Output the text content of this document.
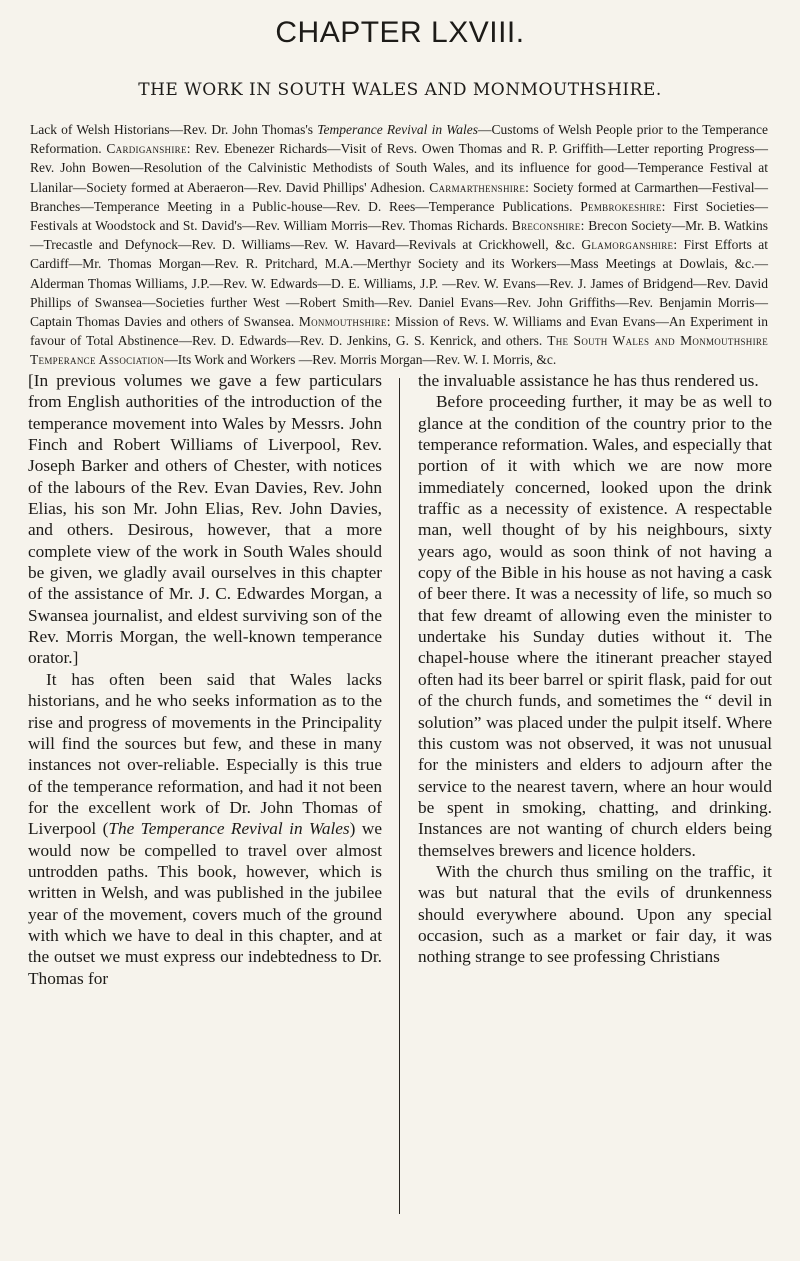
CHAPTER LXVIII.
THE WORK IN SOUTH WALES AND MONMOUTHSHIRE.
Lack of Welsh Historians—Rev. Dr. John Thomas's Temperance Revival in Wales—Customs of Welsh People prior to the Temperance Reformation. Cardiganshire: Rev. Ebenezer Richards—Visit of Revs. Owen Thomas and R. P. Griffith—Letter reporting Progress—Rev. John Bowen—Resolution of the Calvinistic Methodists of South Wales, and its influence for good—Temperance Festival at Llanilar—Society formed at Aberaeron—Rev. David Phillips' Adhesion. Carmarthenshire: Society formed at Carmarthen—Festival—Branches—Temperance Meeting in a Public-house—Rev. D. Rees—Temperance Publications. Pembrokeshire: First Societies—Festivals at Woodstock and St. David's—Rev. William Morris—Rev. Thomas Richards. Breconshire: Brecon Society—Mr. B. Watkins—Trecastle and Defynock—Rev. D. Williams—Rev. W. Havard—Revivals at Crickhowell, &c. Glamorganshire: First Efforts at Cardiff—Mr. Thomas Morgan—Rev. R. Pritchard, M.A.—Merthyr Society and its Workers—Mass Meetings at Dowlais, &c.—Alderman Thomas Williams, J.P.—Rev. W. Edwards—D. E. Williams, J.P. —Rev. W. Evans—Rev. J. James of Bridgend—Rev. David Phillips of Swansea—Societies further West —Robert Smith—Rev. Daniel Evans—Rev. John Griffiths—Rev. Benjamin Morris—Captain Thomas Davies and others of Swansea. Monmouthshire: Mission of Revs. W. Williams and Evan Evans—An Experiment in favour of Total Abstinence—Rev. D. Edwards—Rev. D. Jenkins, G. S. Kenrick, and others. The South Wales and Monmouthshire Temperance Association—Its Work and Workers —Rev. Morris Morgan—Rev. W. I. Morris, &c.

[In previous volumes we gave a few particulars from English authorities of the introduction of the temperance movement into Wales by Messrs. John Finch and Robert Williams of Liverpool, Rev. Joseph Barker and others of Chester, with notices of the labours of the Rev. Evan Davies, Rev. John Elias, his son Mr. John Elias, Rev. John Davies, and others. Desirous, however, that a more complete view of the work in South Wales should be given, we gladly avail ourselves in this chapter of the assistance of Mr. J. C. Edwardes Morgan, a Swansea journalist, and eldest surviving son of the Rev. Morris Morgan, the well-known temperance orator.]

It has often been said that Wales lacks historians, and he who seeks information as to the rise and progress of movements in the Principality will find the sources but few, and these in many instances not over-reliable. Especially is this true of the temperance reformation, and had it not been for the excellent work of Dr. John Thomas of Liverpool (The Temperance Revival in Wales) we would now be compelled to travel over almost untrodden paths. This book, however, which is written in Welsh, and was published in the jubilee year of the movement, covers much of the ground with which we have to deal in this chapter, and at the outset we must express our indebtedness to Dr. Thomas for

the invaluable assistance he has thus rendered us.

Before proceeding further, it may be as well to glance at the condition of the country prior to the temperance reformation. Wales, and especially that portion of it with which we are now more immediately concerned, looked upon the drink traffic as a necessity of existence. A respectable man, well thought of by his neighbours, sixty years ago, would as soon think of not having a copy of the Bible in his house as not having a cask of beer there. It was a necessity of life, so much so that few dreamt of allowing even the minister to undertake his Sunday duties without it. The chapel-house where the itinerant preacher stayed often had its beer barrel or spirit flask, paid for out of the church funds, and sometimes the “ devil in solution” was placed under the pulpit itself. Where this custom was not observed, it was not unusual for the ministers and elders to adjourn after the service to the nearest tavern, where an hour would be spent in smoking, chatting, and drinking. Instances are not wanting of church elders being themselves brewers and licence holders.

With the church thus smiling on the traffic, it was but natural that the evils of drunkenness should everywhere abound. Upon any special occasion, such as a market or fair day, it was nothing strange to see professing Christians
